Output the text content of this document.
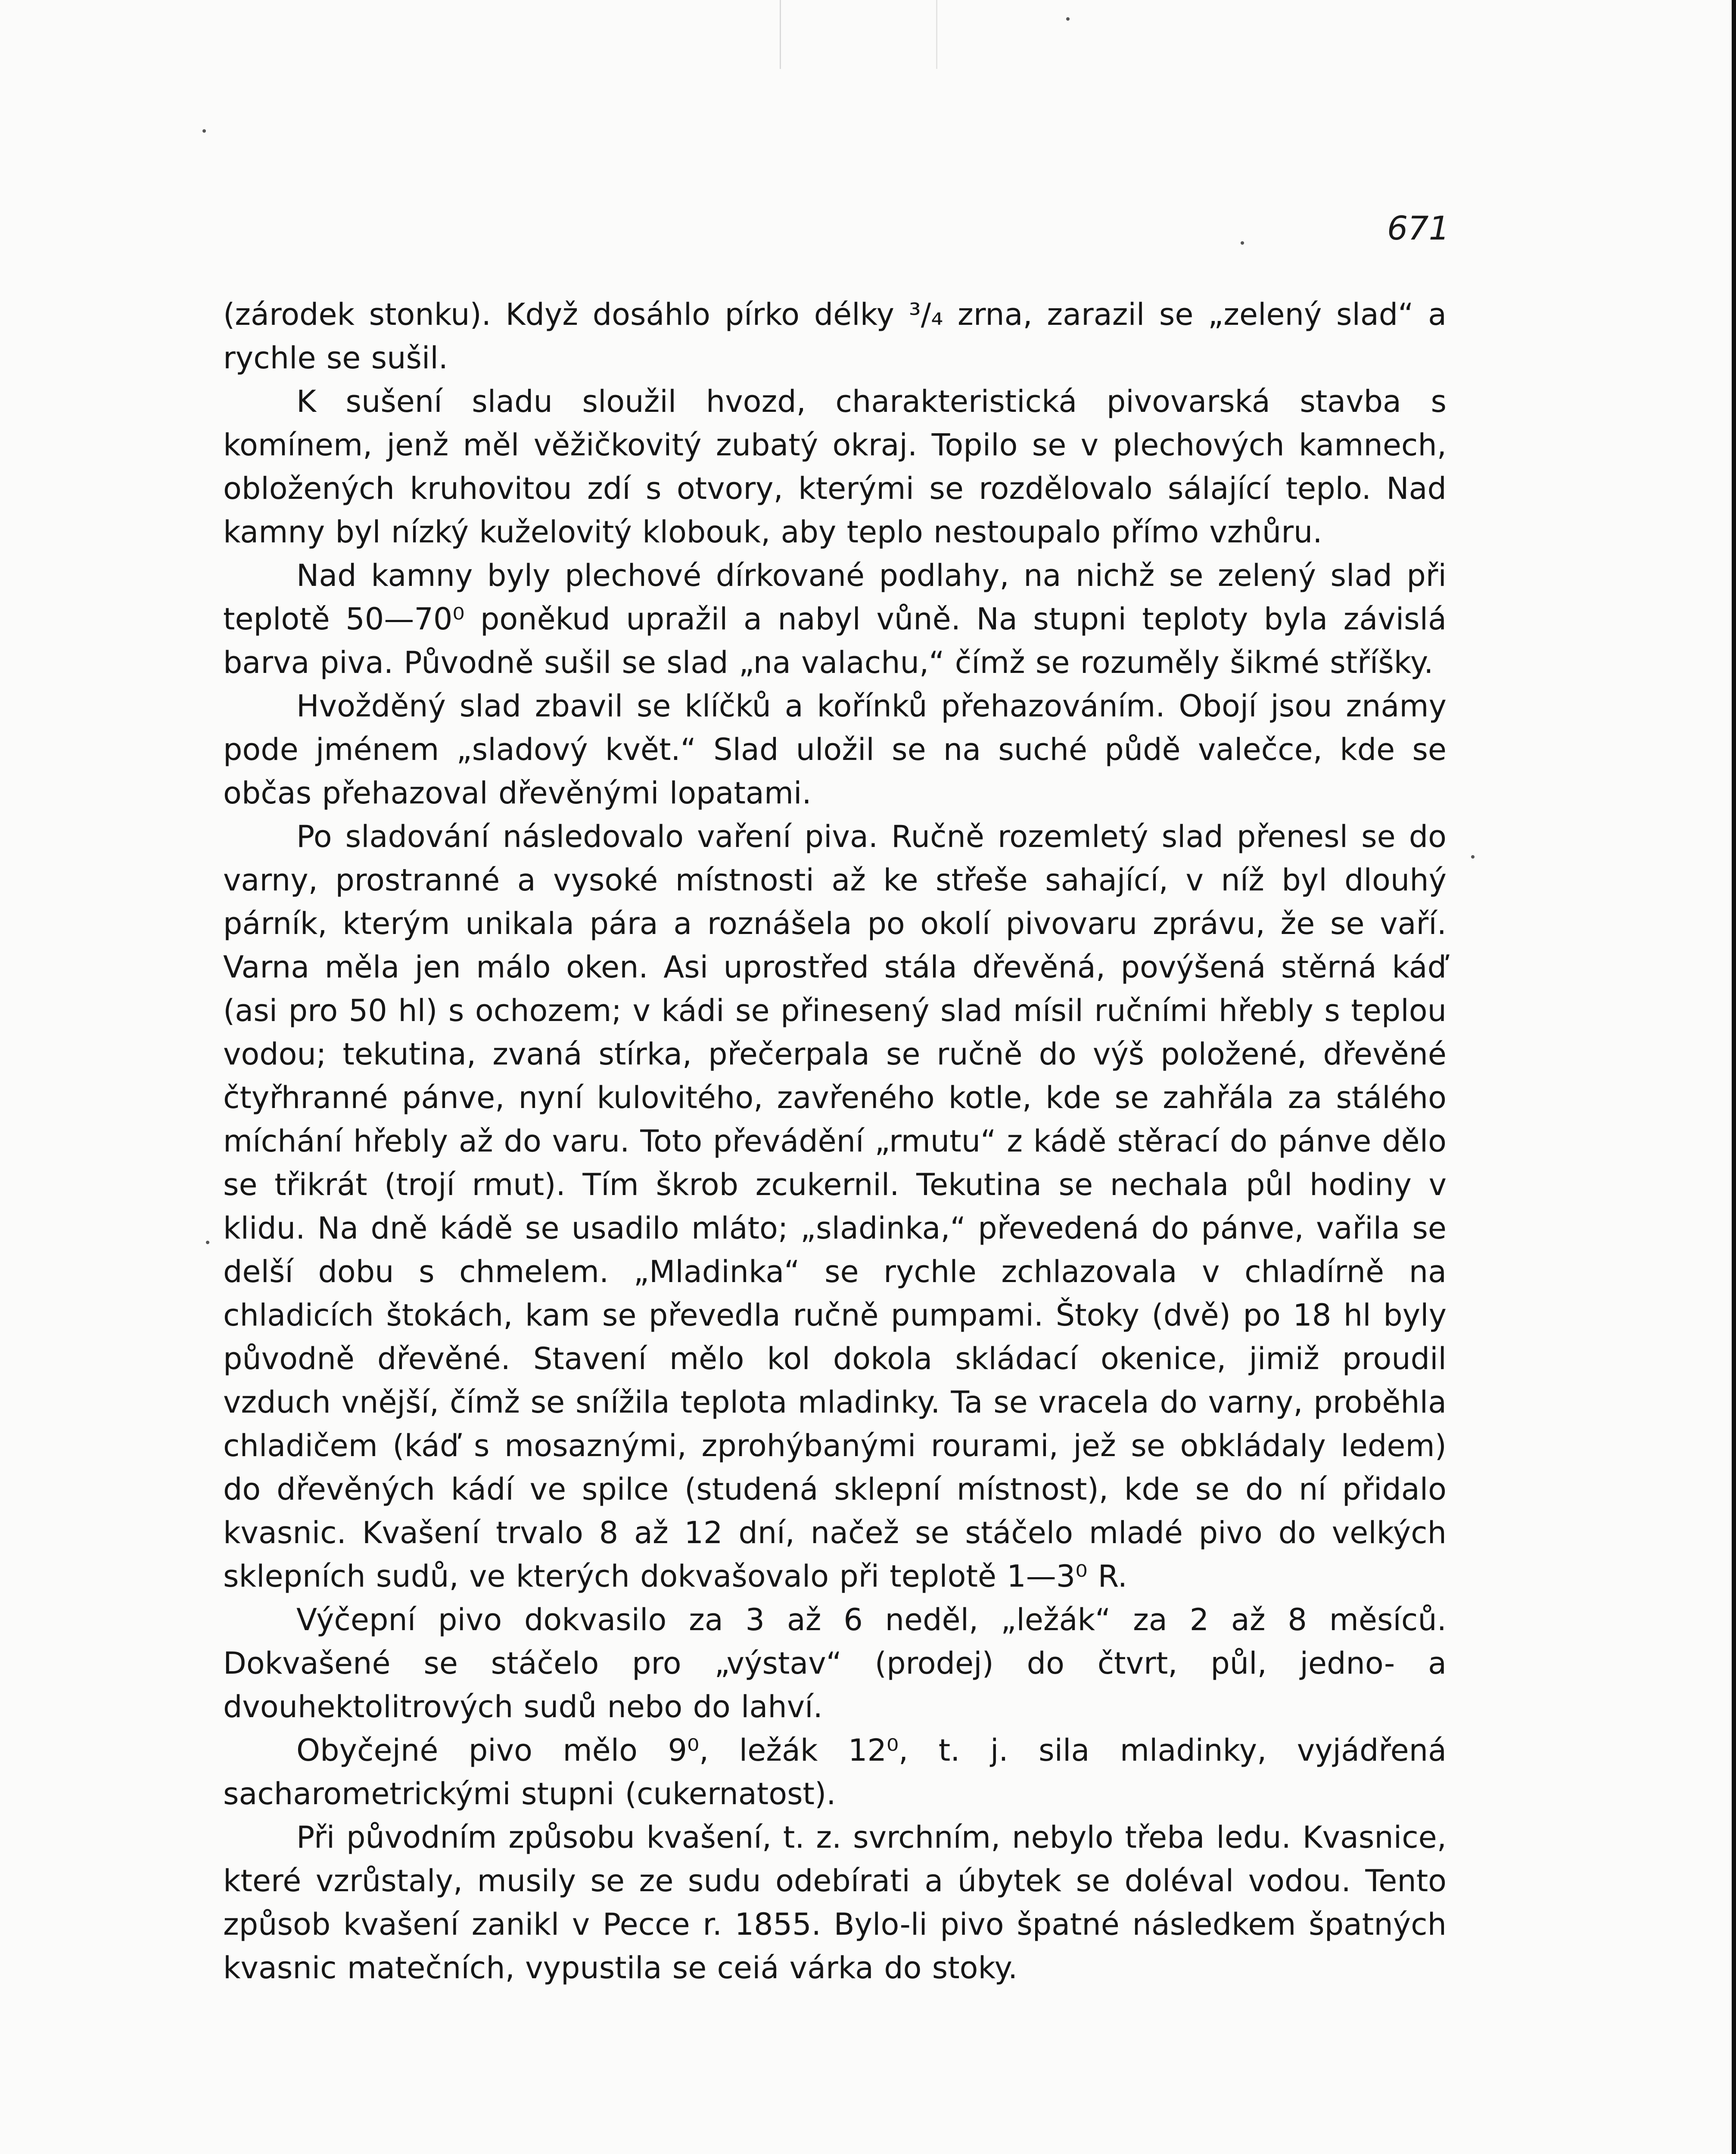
671

(zárodek stonku). Když dosáhlo pírko délky ³/₄ zrna, zarazil se „zelený slad“ a rychle se sušil.

K sušení sladu sloužil hvozd, charakteristická pivovarská stavba s komínem, jenž měl věžičkovitý zubatý okraj. Topilo se v plechových kamnech, obložených kruhovitou zdí s otvory, kterými se rozdělovalo sálající teplo. Nad kamny byl nízký kuželovitý klobouk, aby teplo nestoupalo přímo vzhůru.

Nad kamny byly plechové dírkované podlahy, na nichž se zelený slad při teplotě 50—70⁰ poněkud upražil a nabyl vůně. Na stupni teploty byla závislá barva piva. Původně sušil se slad „na valachu,“ čímž se rozuměly šikmé stříšky.

Hvožděný slad zbavil se klíčků a kořínků přehazováním. Obojí jsou známy pode jménem „sladový květ.“ Slad uložil se na suché půdě valečce, kde se občas přehazoval dřevěnými lopatami.

Po sladování následovalo vaření piva. Ručně rozemletý slad přenesl se do varny, prostranné a vysoké místnosti až ke střeše sahající, v níž byl dlouhý párník, kterým unikala pára a roznášela po okolí pivovaru zprávu, že se vaří. Varna měla jen málo oken. Asi uprostřed stála dřevěná, povýšená stěrná káď (asi pro 50 hl) s ochozem; v kádi se přinesený slad mísil ručními hřebly s teplou vodou; tekutina, zvaná stírka, přečerpala se ručně do výš položené, dřevěné čtyřhranné pánve, nyní kulovitého, zavřeného kotle, kde se zahřála za stálého míchání hřebly až do varu. Toto převádění „rmutu“ z kádě stěrací do pánve dělo se třikrát (trojí rmut). Tím škrob zcukernil. Tekutina se nechala půl hodiny v klidu. Na dně kádě se usadilo mláto; „sladinka,“ převedená do pánve, vařila se delší dobu s chmelem. „Mladinka“ se rychle zchlazovala v chladírně na chladicích štokách, kam se převedla ručně pumpami. Štoky (dvě) po 18 hl byly původně dřevěné. Stavení mělo kol dokola skládací okenice, jimiž proudil vzduch vnější, čímž se snížila teplota mladinky. Ta se vracela do varny, proběhla chladičem (káď s mosaznými, zprohýbanými rourami, jež se obkládaly ledem) do dřevěných kádí ve spilce (studená sklepní místnost), kde se do ní přidalo kvasnic. Kvašení trvalo 8 až 12 dní, načež se stáčelo mladé pivo do velkých sklepních sudů, ve kterých dokvašovalo při teplotě 1—3⁰ R.

Výčepní pivo dokvasilo za 3 až 6 neděl, „ležák“ za 2 až 8 měsíců. Dokvašené se stáčelo pro „výstav“ (prodej) do čtvrt, půl, jedno- a dvouhektolitrových sudů nebo do lahví.

Obyčejné pivo mělo 9⁰, ležák 12⁰, t. j. sila mladinky, vyjádřená sacharometrickými stupni (cukernatost).

Při původním způsobu kvašení, t. z. svrchním, nebylo třeba ledu. Kvasnice, které vzrůstaly, musily se ze sudu odebírati a úbytek se doléval vodou. Tento způsob kvašení zanikl v Pecce r. 1855. Bylo-li pivo špatné následkem špatných kvasnic matečních, vypustila se ceiá várka do stoky.
